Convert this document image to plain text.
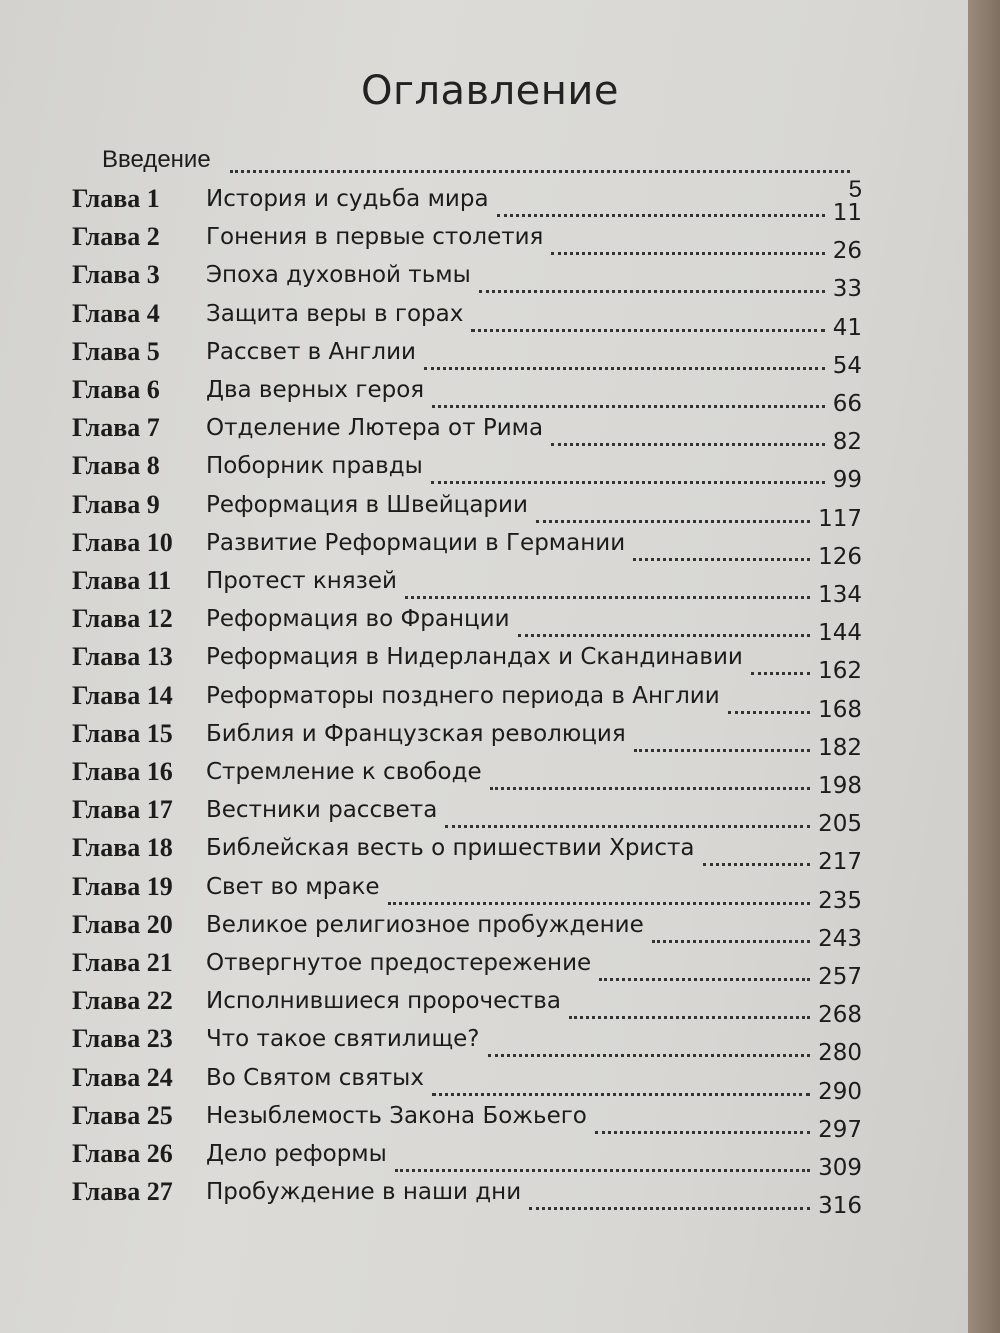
Оглавление
Введение
5
Глава 1 История и судьба мира
11
Глава 2 Гонения в первые столетия
26
Глава 3 Эпоха духовной тьмы
33
Глава 4 Защита веры в горах
41
Глава 5 Рассвет в Англии
54
Глава 6 Два верных героя
66
Глава 7 Отделение Лютера от Рима
82
Глава 8 Поборник правды
99
Глава 9 Реформация в Швейцарии
117
Глава 10 Развитие Реформации в Германии
126
Глава 11 Протест князей
134
Глава 12 Реформация во Франции
144
Глава 13 Реформация в Нидерландах и Скандинавии
162
Глава 14 Реформаторы позднего периода в Англии
168
Глава 15 Библия и Французская революция
182
Глава 16 Стремление к свободе
198
Глава 17 Вестники рассвета
205
Глава 18 Библейская весть о пришествии Христа
217
Глава 19 Свет во мраке
235
Глава 20 Великое религиозное пробуждение
243
Глава 21 Отвергнутое предостережение
257
Глава 22 Исполнившиеся пророчества
268
Глава 23 Что такое святилище?
280
Глава 24 Во Святом святых
290
Глава 25 Незыблемость Закона Божьего
297
Глава 26 Дело реформы
309
Глава 27 Пробуждение в наши дни
316
